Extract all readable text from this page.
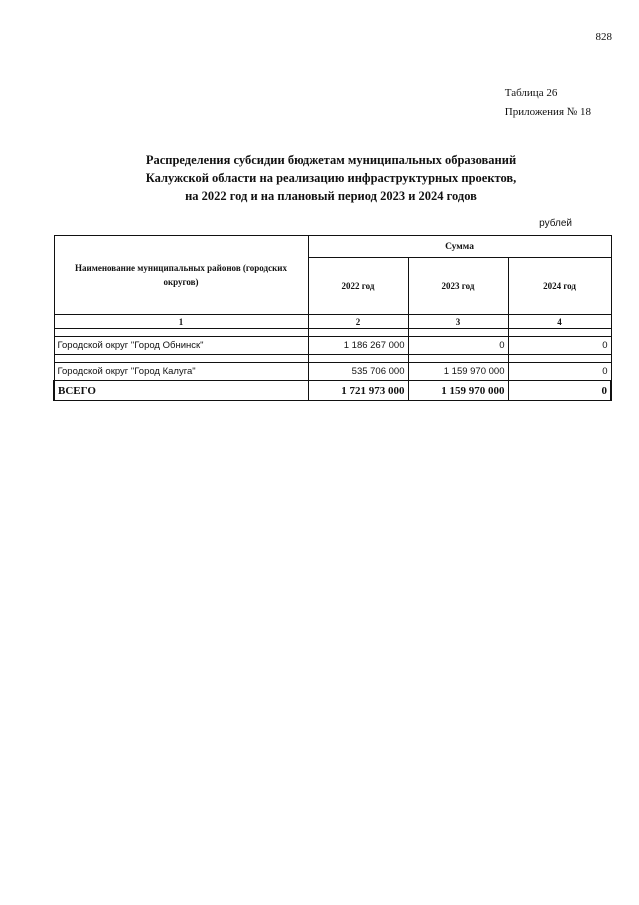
828
Таблица 26
Приложения № 18
Распределения субсидии бюджетам муниципальных образований
Калужской области на реализацию инфраструктурных проектов,
на 2022 год и на плановый период 2023 и 2024 годов
рублей
Наименование муниципальных районов (городских округов)	Сумма		
	2022 год	2023 год	2024 год
1	2	3	4

Городской округ "Город Обнинск"	1 186 267 000	0	0

Городской округ "Город Калуга"	535 706 000	1 159 970 000	0
ВСЕГО	1 721 973 000	1 159 970 000	0
